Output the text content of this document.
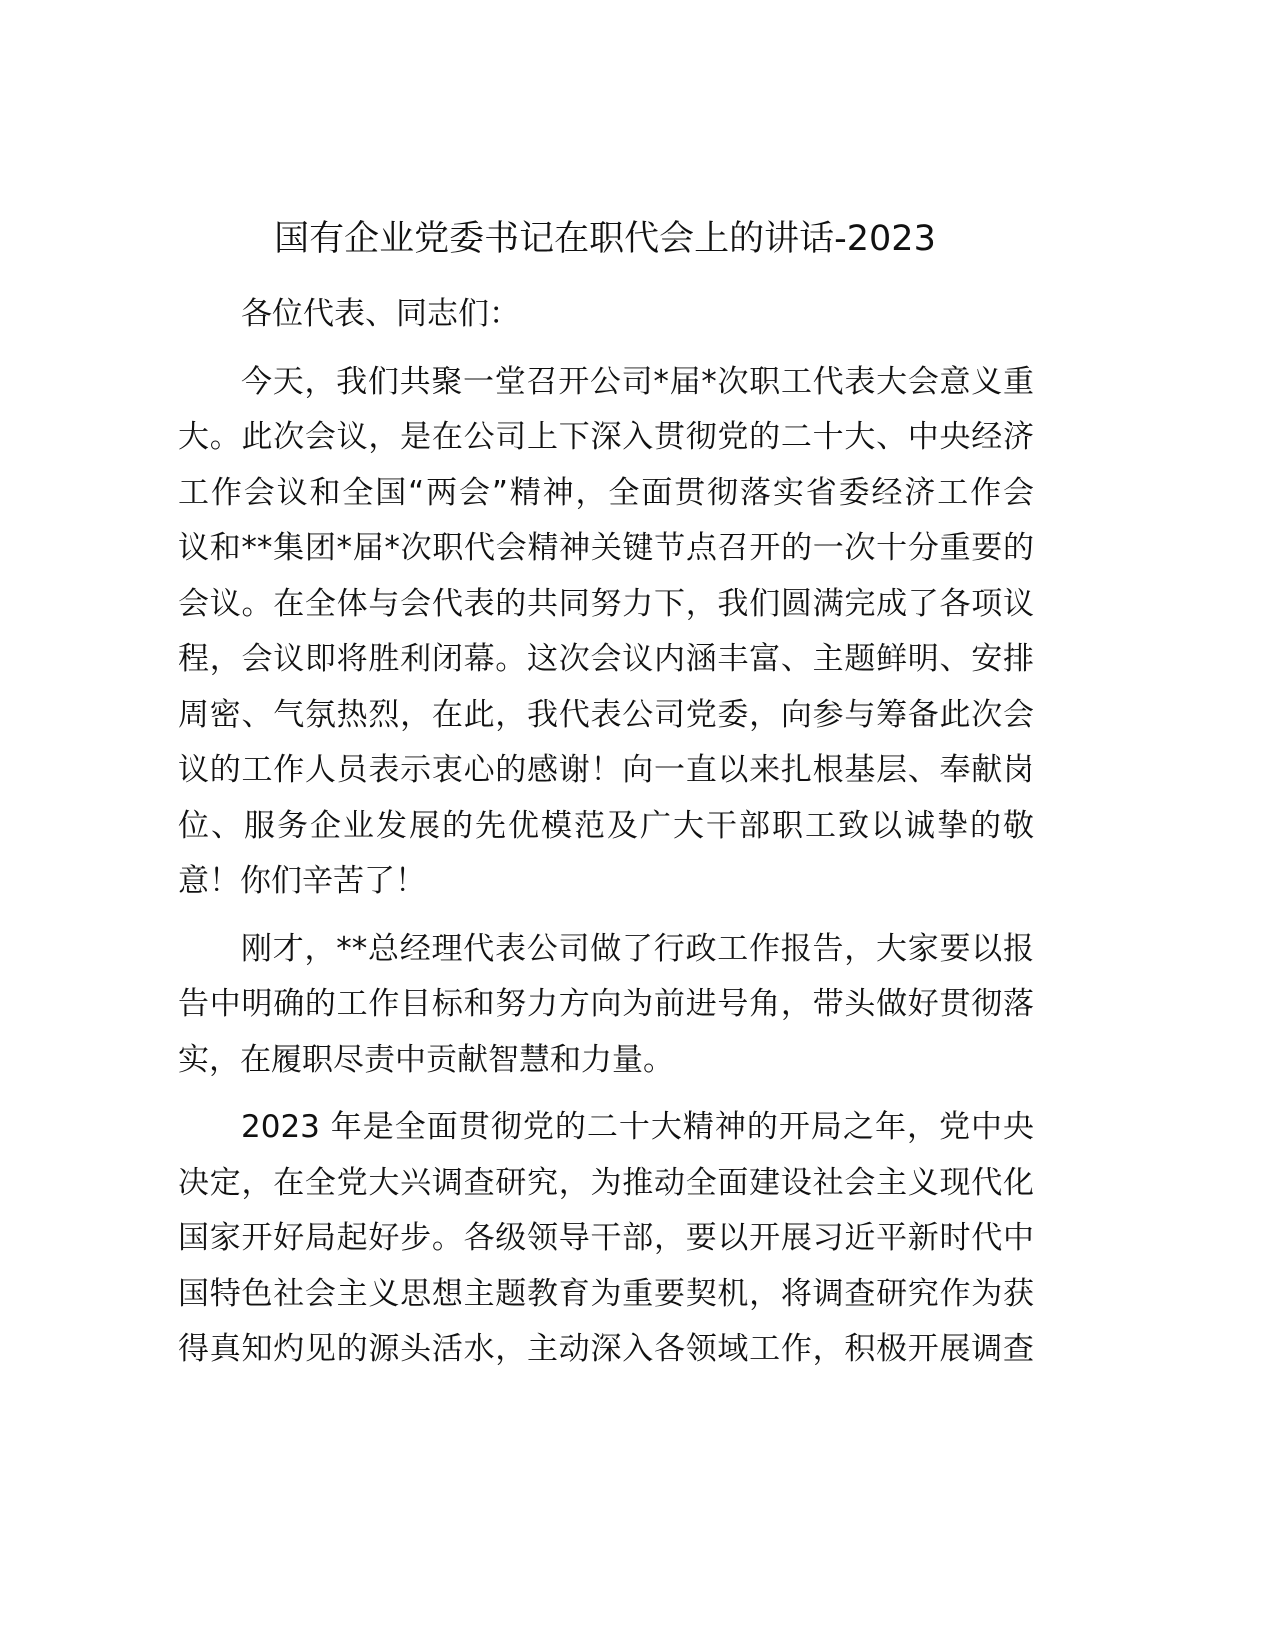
国有企业党委书记在职代会上的讲话-2023
各位代表、同志们：
今天，我们共聚一堂召开公司*届*次职工代表大会意义重
大。此次会议，是在公司上下深入贯彻党的二十大、中央经济
工作会议和全国“两会”精神，全面贯彻落实省委经济工作会
议和**集团*届*次职代会精神关键节点召开的一次十分重要的
会议。在全体与会代表的共同努力下，我们圆满完成了各项议
程，会议即将胜利闭幕。这次会议内涵丰富、主题鲜明、安排
周密、气氛热烈，在此，我代表公司党委，向参与筹备此次会
议的工作人员表示衷心的感谢！向一直以来扎根基层、奉献岗
位、服务企业发展的先优模范及广大干部职工致以诚挚的敬
意！你们辛苦了！
刚才，**总经理代表公司做了行政工作报告，大家要以报
告中明确的工作目标和努力方向为前进号角，带头做好贯彻落
实，在履职尽责中贡献智慧和力量。
2023 年是全面贯彻党的二十大精神的开局之年，党中央
决定，在全党大兴调查研究，为推动全面建设社会主义现代化
国家开好局起好步。各级领导干部，要以开展习近平新时代中
国特色社会主义思想主题教育为重要契机，将调查研究作为获
得真知灼见的源头活水，主动深入各领域工作，积极开展调查
